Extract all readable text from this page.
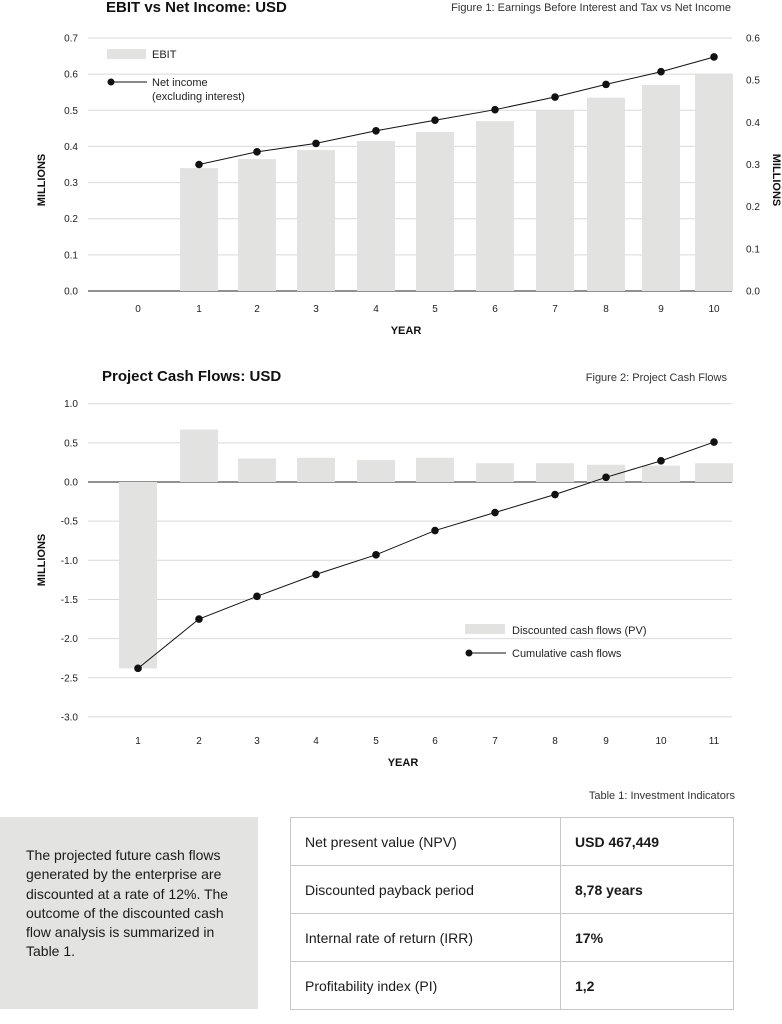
EBIT vs Net Income: USD	Figure 1: Earnings Before Interest and Tax vs Net Income
0.0
0.1
0.2
0.3
0.4
0.5
0.6
0.7
0.0
0.1
0.2
0.3
0.4
0.5
0.6
0	1	2	3	4	5	6	7	8	9	10
YEAR
MILLIONS	MILLIONS
EBIT
Net income (excluding interest)
Project Cash Flows: USD	Figure 2: Project Cash Flows
1.0
0.5
0.0
-0.5
-1.0
-1.5
-2.0
-2.5
-3.0
1	2	3	4	5	6	7	8	9	10	11
YEAR
MILLIONS
Discounted cash flows (PV)
Cumulative cash flows
Table 1: Investment Indicators
The projected future cash flows generated by the enterprise are discounted at a rate of 12%. The outcome of the discounted cash flow analysis is summarized in Table 1.
Net present value (NPV)	USD 467,449
Discounted payback period	8,78 years
Internal rate of return (IRR)	17%
Profitability index (PI)	1,2
